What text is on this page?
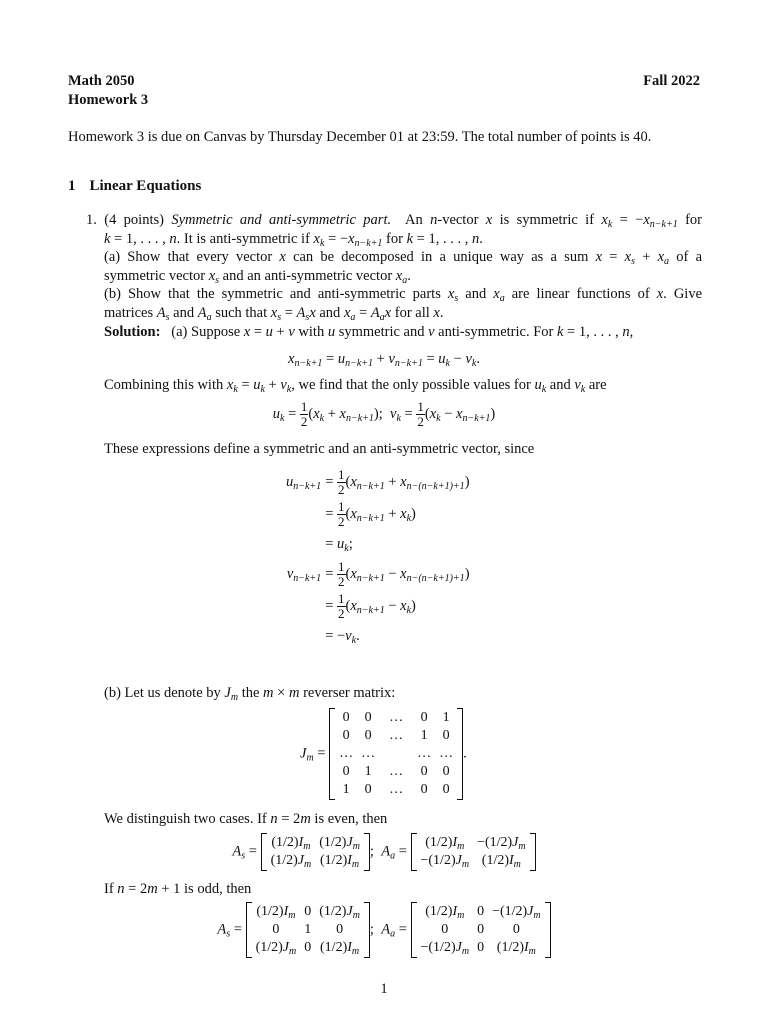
Math 2050	Fall 2022
Homework 3
Homework 3 is due on Canvas by Thursday December 01 at 23:59. The total number of points is 40.
1 Linear Equations
1. (4 points) Symmetric and anti-symmetric part.  An n-vector x is symmetric if $x_k = -x_{n-k+1}$ for
k = 1, . . . , n. It is anti-symmetric if $x_k = -x_{n-k+1}$ for k = 1, . . . , n.
(a) Show that every vector x can be decomposed in a unique way as a sum $x = x_s + x_a$ of a
symmetric vector $x_s$ and an anti-symmetric vector $x_a$.
(b) Show that the symmetric and anti-symmetric parts $x_s$ and $x_a$ are linear functions of x. Give
matrices $A_s$ and $A_a$ such that $x_s = A_sx$ and $x_a = A_ax$ for all x.
Solution:   (a) Suppose x = u + v with u symmetric and v anti-symmetric. For k = 1, . . . , n,
$x_{n-k+1} = u_{n-k+1} + v_{n-k+1} = u_k - v_k$.
Combining this with $x_k = u_k + v_k$, we find that the only possible values for $u_k$ and $v_k$ are
$u_k = \frac{1}{2} (x_k + x_{n-k+1})$;  $v_k = \frac{1}{2} (x_k - x_{n-k+1})$
These expressions define a symmetric and an anti-symmetric vector, since
$u_{n-k+1}$	= $\frac{1}{2} (x_{n-k+1} + x_{n-(n-k+1)+1})$
	= $\frac{1}{2} (x_{n-k+1} + x_k)$
	= $u_k$;
$v_{n-k+1}$	= $\frac{1}{2} (x_{n-k+1} - x_{n-(n-k+1)+1})$
	= $\frac{1}{2} (x_{n-k+1} - x_k)$
	= $-v_k$.
(b) Let us denote by $J_m$ the m × m reverser matrix:
$J_m$ =
0	0	…	0	1
0	0	…	1	0
…	…		…	…
0	1	…	0	0
1	0	…	0	0
.
We distinguish two cases. If n = 2m is even, then
$A_s$ =
$(1/2)I_m$	$(1/2)J_m$
$(1/2)J_m$	$(1/2)I_m$
;  $A_a$ =
$(1/2)I_m$	$-(1/2)J_m$
$-(1/2)J_m$	$(1/2)I_m$
If n = 2m + 1 is odd, then
$A_s$ =
$(1/2)I_m$	0	$(1/2)J_m$
0	1	0
$(1/2)J_m$	0	$(1/2)I_m$
;  $A_a$ =
$(1/2)I_m$	0	$-(1/2)J_m$
0	0	0
$-(1/2)J_m$	0	$(1/2)I_m$
1
